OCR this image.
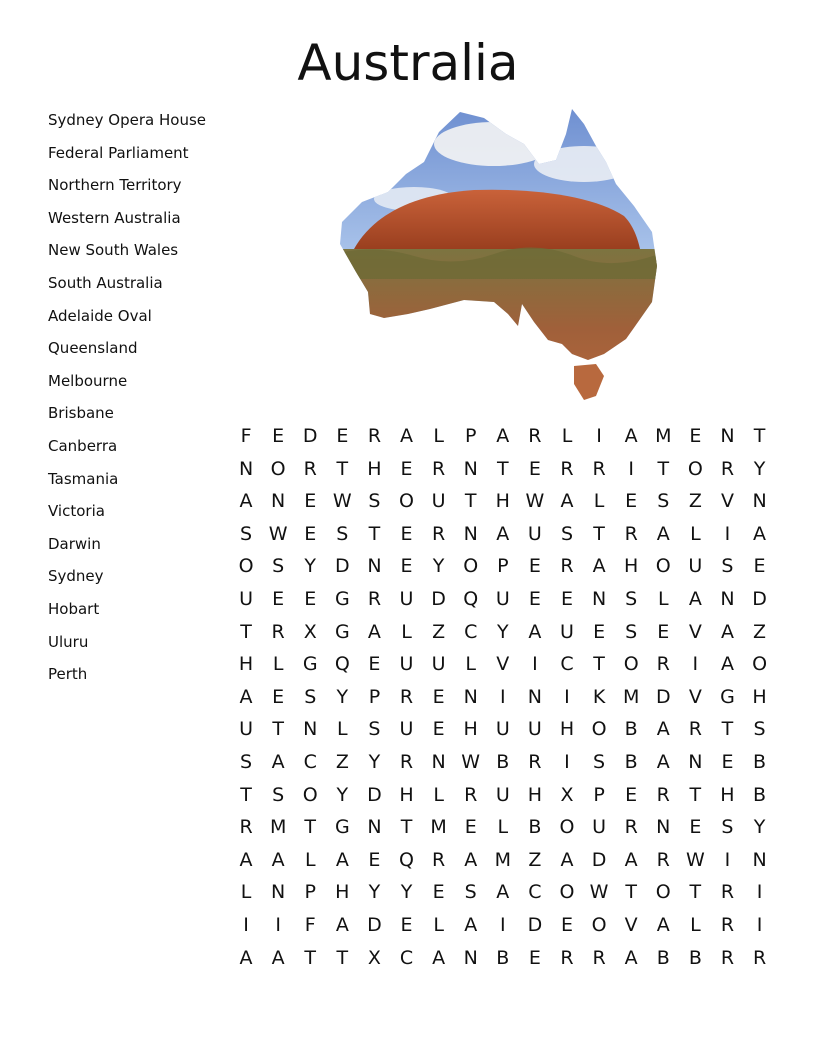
Australia
Sydney Opera House
Federal Parliament
Northern Territory
Western Australia
New South Wales
South Australia
Adelaide Oval
Queensland
Melbourne
Brisbane
Canberra
Tasmania
Victoria
Darwin
Sydney
Hobart
Uluru
Perth
F	E D E	R	A	L	P	A R	L	I	A M E N	T
N O R	T	H E	R N	T	E	R R	I	T O R	Y
A N E W S O U	T	H W A	L	E	S	Z	V N
S W E	S	T	E	R N A U	S	T	R	A	L	I	A
O S	Y D N E	Y O P	E	R	A H O U	S	E
U	E	E G R U D Q U	E	E N S	L	A N D
T	R X G A	L	Z C	Y	A U	E	S	E	V	A	Z
H	L	G Q E	U U	L	V	I	C	T O R	I	A O
A	E	S	Y	P	R	E N	I	N	I	K M D V G H
U	T	N	L	S	U	E H U U H O B	A R	T	S
S	A C Z	Y	R N W B R	I	S	B	A N E	B
T	S O Y D H	L	R U H X	P	E	R	T	H B
R M T G N	T M E	L	B O U R N E	S	Y
A	A	L	A	E Q R	A M Z	A D A R W	I	N
L	N	P	H	Y	Y	E	S	A C O W T O T	R	I
I	I	F	A D E	L	A	I	D E O V	A	L	R	I
A	A	T	T	X C A N B	E	R R	A	B	B R R
